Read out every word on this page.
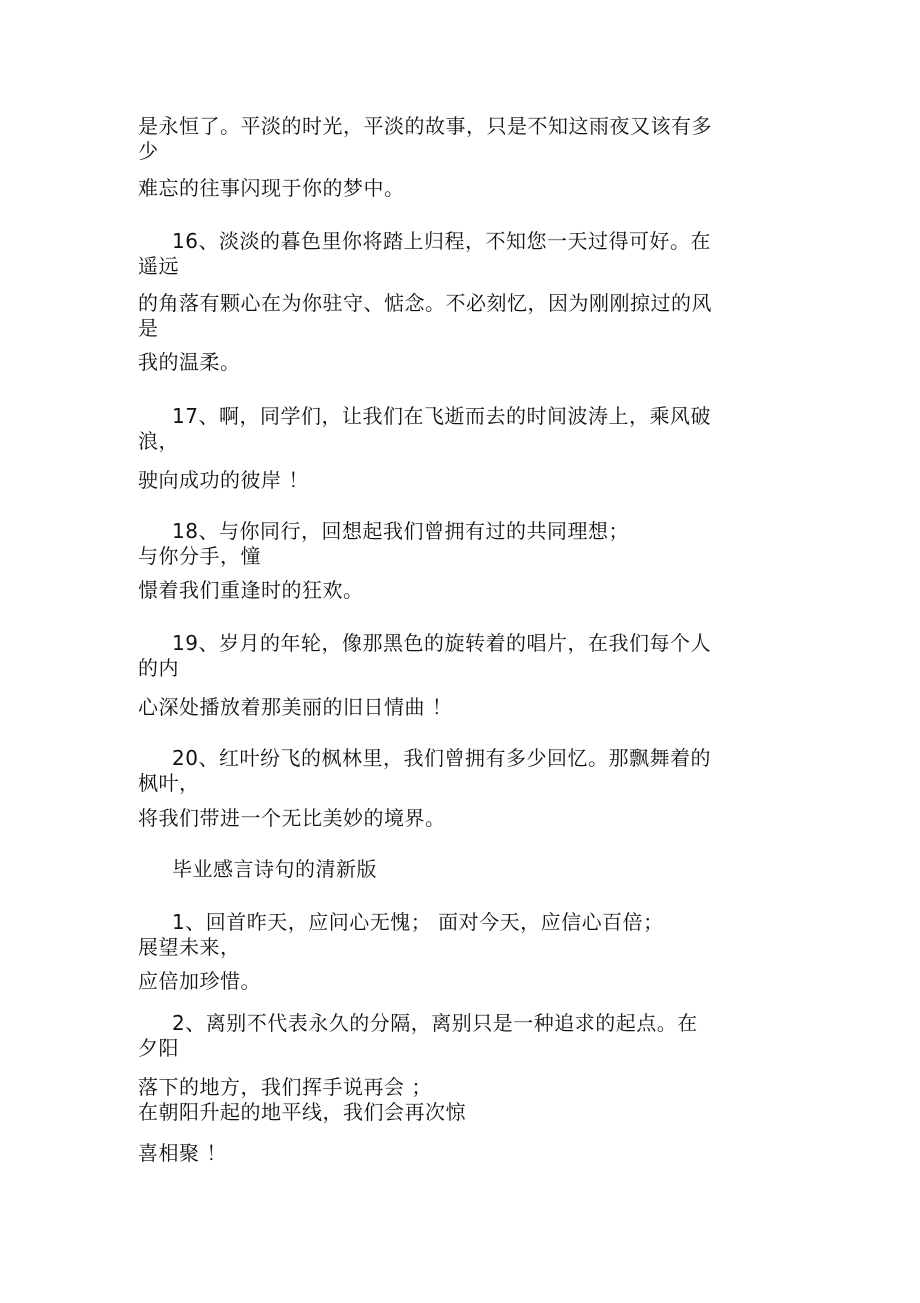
是永恒了。平淡的时光，平淡的故事，只是不知这雨夜又该有多
少
难忘的往事闪现于你的梦中。
16、淡淡的暮色里你将踏上归程，不知您一天过得可好。在
遥远
的角落有颗心在为你驻守、惦念。不必刻忆，因为刚刚掠过的风
是
我的温柔。
17、啊，同学们，让我们在飞逝而去的时间波涛上，乘风破
浪，
驶向成功的彼岸 ！
18、与你同行，回想起我们曾拥有过的共同理想；
与你分手，憧
憬着我们重逢时的狂欢。
19、岁月的年轮，像那黑色的旋转着的唱片，在我们每个人
的内
心深处播放着那美丽的旧日情曲 ！
20、红叶纷飞的枫林里，我们曾拥有多少回忆。那飘舞着的
枫叶，
将我们带进一个无比美妙的境界。
毕业感言诗句的清新版
1、回首昨天，应问心无愧； 面对今天，应信心百倍；
展望未来，
应倍加珍惜。
2、离别不代表永久的分隔，离别只是一种追求的起点。在
夕阳
落下的地方，我们挥手说再会 ；
在朝阳升起的地平线，我们会再次惊
喜相聚 ！
